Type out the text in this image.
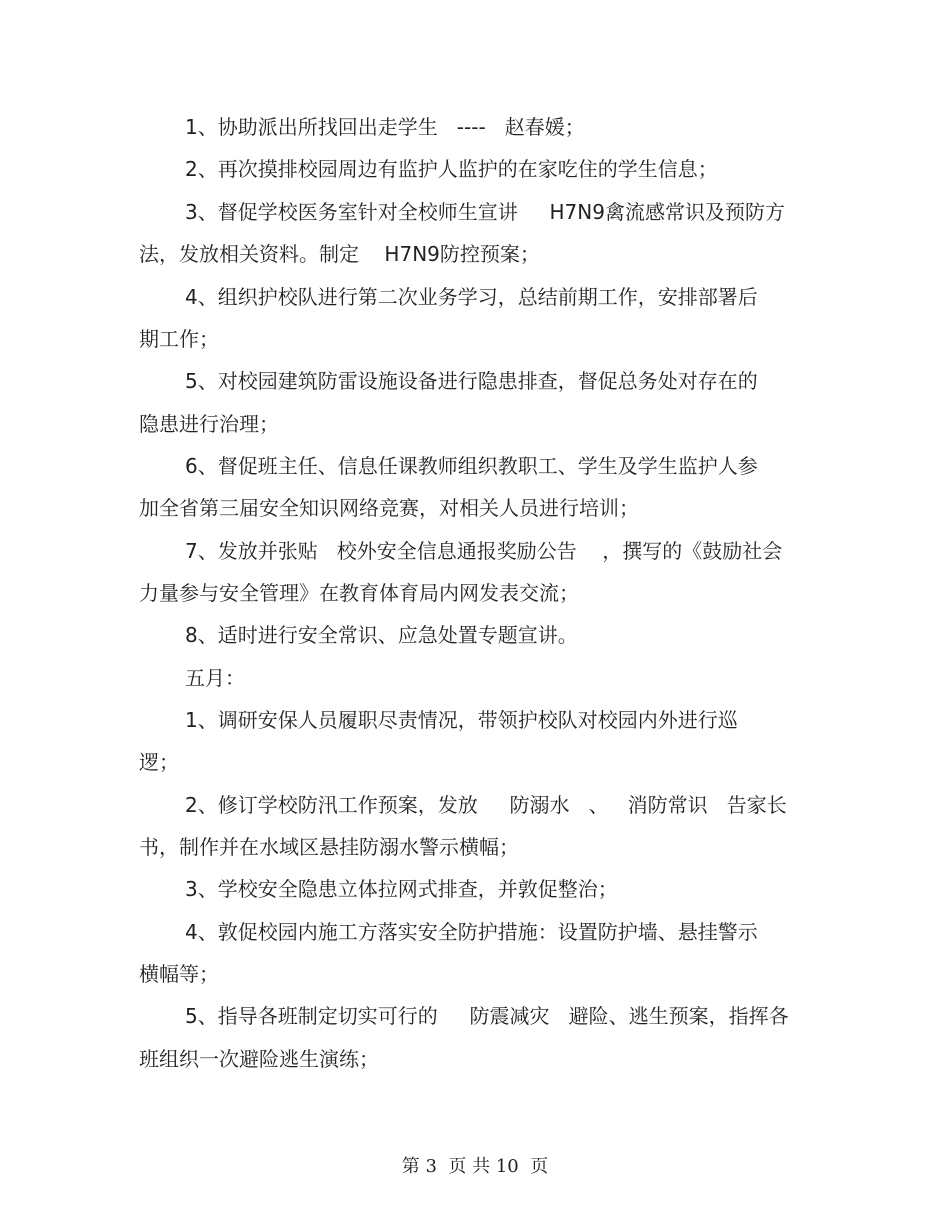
1、协助派出所找回出走学生   ----   赵春媛；
2、再次摸排校园周边有监护人监护的在家吃住的学生信息；
3、督促学校医务室针对全校师生宣讲     H7N9禽流感常识及预防方
法，发放相关资料。制定    H7N9防控预案；
4、组织护校队进行第二次业务学习，总结前期工作，安排部署后
期工作；
5、对校园建筑防雷设施设备进行隐患排查，督促总务处对存在的
隐患进行治理；
6、督促班主任、信息任课教师组织教职工、学生及学生监护人参
加全省第三届安全知识网络竞赛，对相关人员进行培训；
7、发放并张贴   校外安全信息通报奖励公告    ，撰写的《鼓励社会
力量参与安全管理》在教育体育局内网发表交流；
8、适时进行安全常识、应急处置专题宣讲。
五月：
1、调研安保人员履职尽责情况，带领护校队对校园内外进行巡
逻；
2、修订学校防汛工作预案，发放     防溺水   、   消防常识   告家长
书，制作并在水域区悬挂防溺水警示横幅；
3、学校安全隐患立体拉网式排查，并敦促整治；
4、敦促校园内施工方落实安全防护措施：设置防护墙、悬挂警示
横幅等；
5、指导各班制定切实可行的     防震减灾   避险、逃生预案，指挥各
班组织一次避险逃生演练；
第 3  页 共 10  页
